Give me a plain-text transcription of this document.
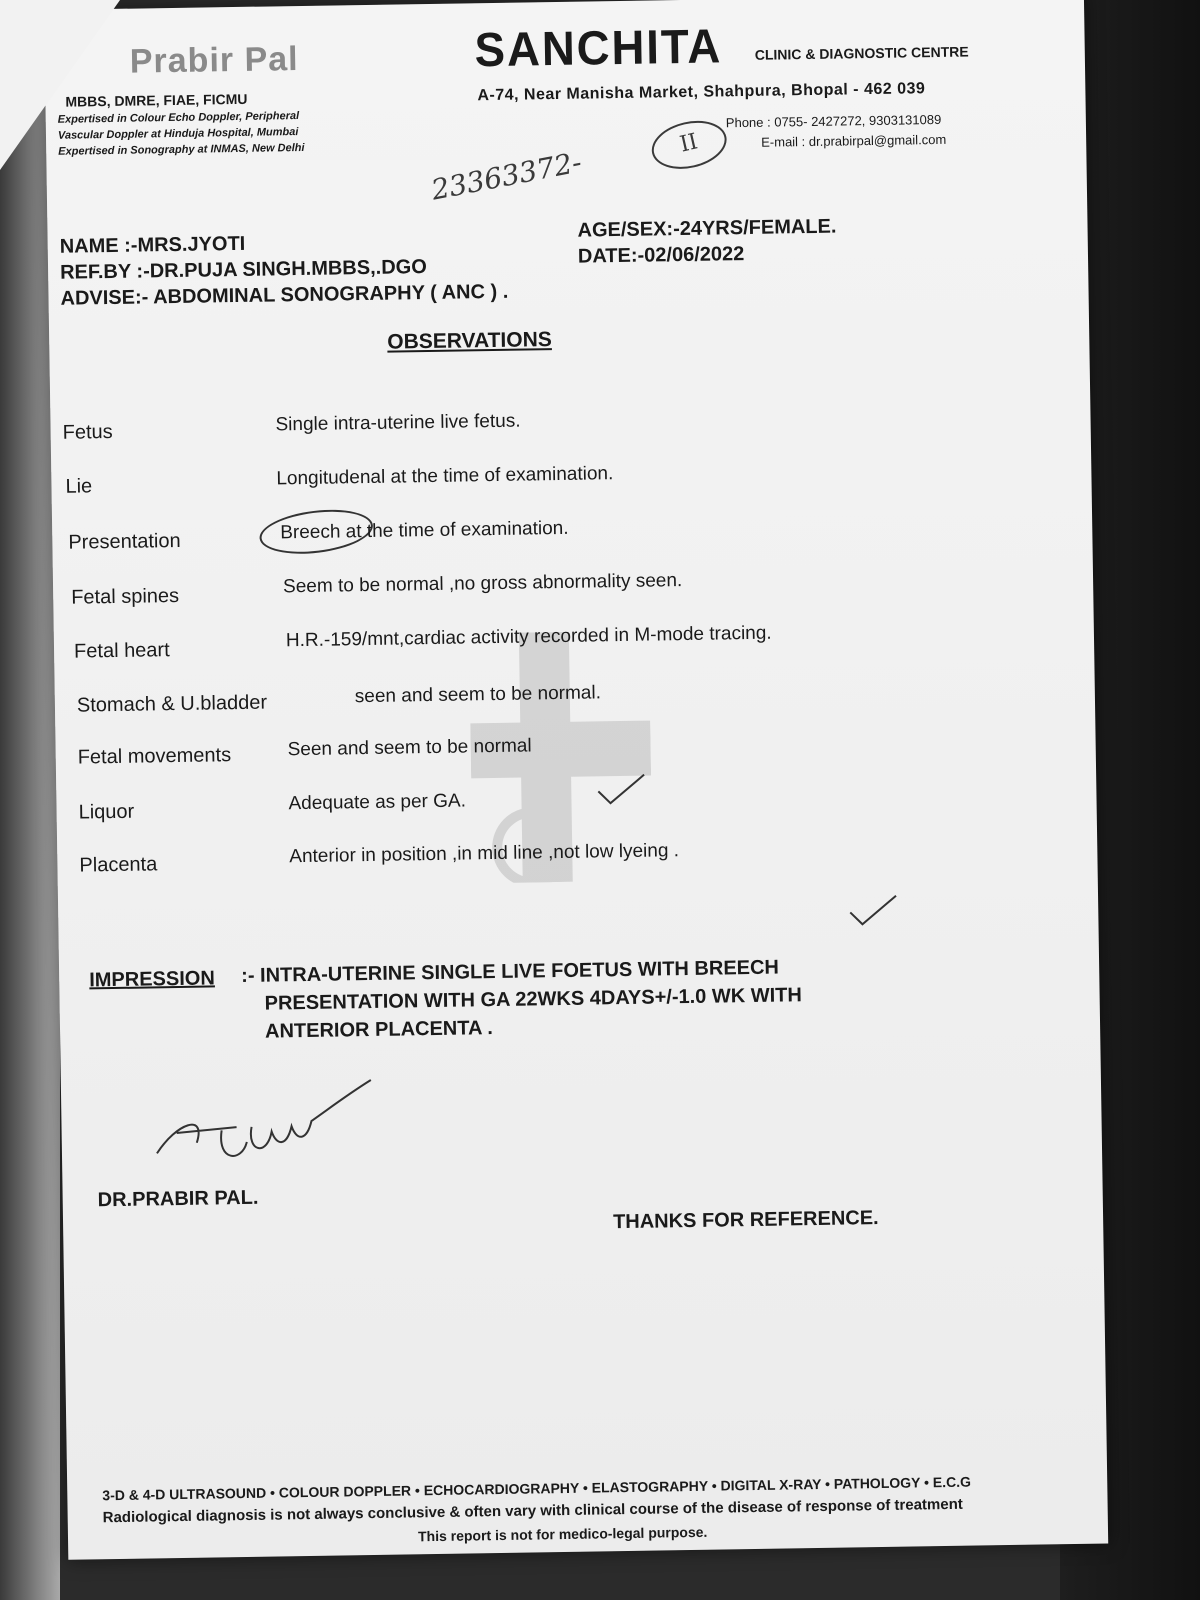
Prabir Pal
MBBS, DMRE, FIAE, FICMU
Expertised in Colour Echo Doppler, Peripheral
Vascular Doppler at Hinduja Hospital, Mumbai
Expertised in Sonography at INMAS, New Delhi
SANCHITA CLINIC & DIAGNOSTIC CENTRE
A-74, Near Manisha Market, Shahpura, Bhopal - 462 039
Phone : 0755- 2427272, 9303131089
E-mail : dr.prabirpal@gmail.com
23363372-
II
NAME :-MRS.JYOTI
REF.BY :-DR.PUJA SINGH.MBBS,.DGO
ADVISE:- ABDOMINAL SONOGRAPHY ( ANC ) .
AGE/SEX:-24YRS/FEMALE.
DATE:-02/06/2022
OBSERVATIONS
Fetus	Single intra-uterine live fetus.
Lie	Longitudenal at the time of examination.
Presentation	Breech at the time of examination.
Fetal spines	Seem to be normal ,no gross abnormality seen.
Fetal heart	H.R.-159/mnt,cardiac activity recorded in M-mode tracing.
Stomach & U.bladder	seen and seem to be normal.
Fetal movements	Seen and seem to be normal
Liquor	Adequate as per GA.
Placenta	Anterior in position ,in mid line ,not low lyeing .
IMPRESSION :- INTRA-UTERINE SINGLE LIVE FOETUS WITH BREECH
PRESENTATION WITH GA 22WKS 4DAYS+/-1.0 WK WITH
ANTERIOR PLACENTA .
DR.PRABIR PAL.
THANKS FOR REFERENCE.
3-D & 4-D ULTRASOUND • COLOUR DOPPLER • ECHOCARDIOGRAPHY • ELASTOGRAPHY • DIGITAL X-RAY • PATHOLOGY • E.C.G
Radiological diagnosis is not always conclusive & often vary with clinical course of the disease of response of treatment
This report is not for medico-legal purpose.
